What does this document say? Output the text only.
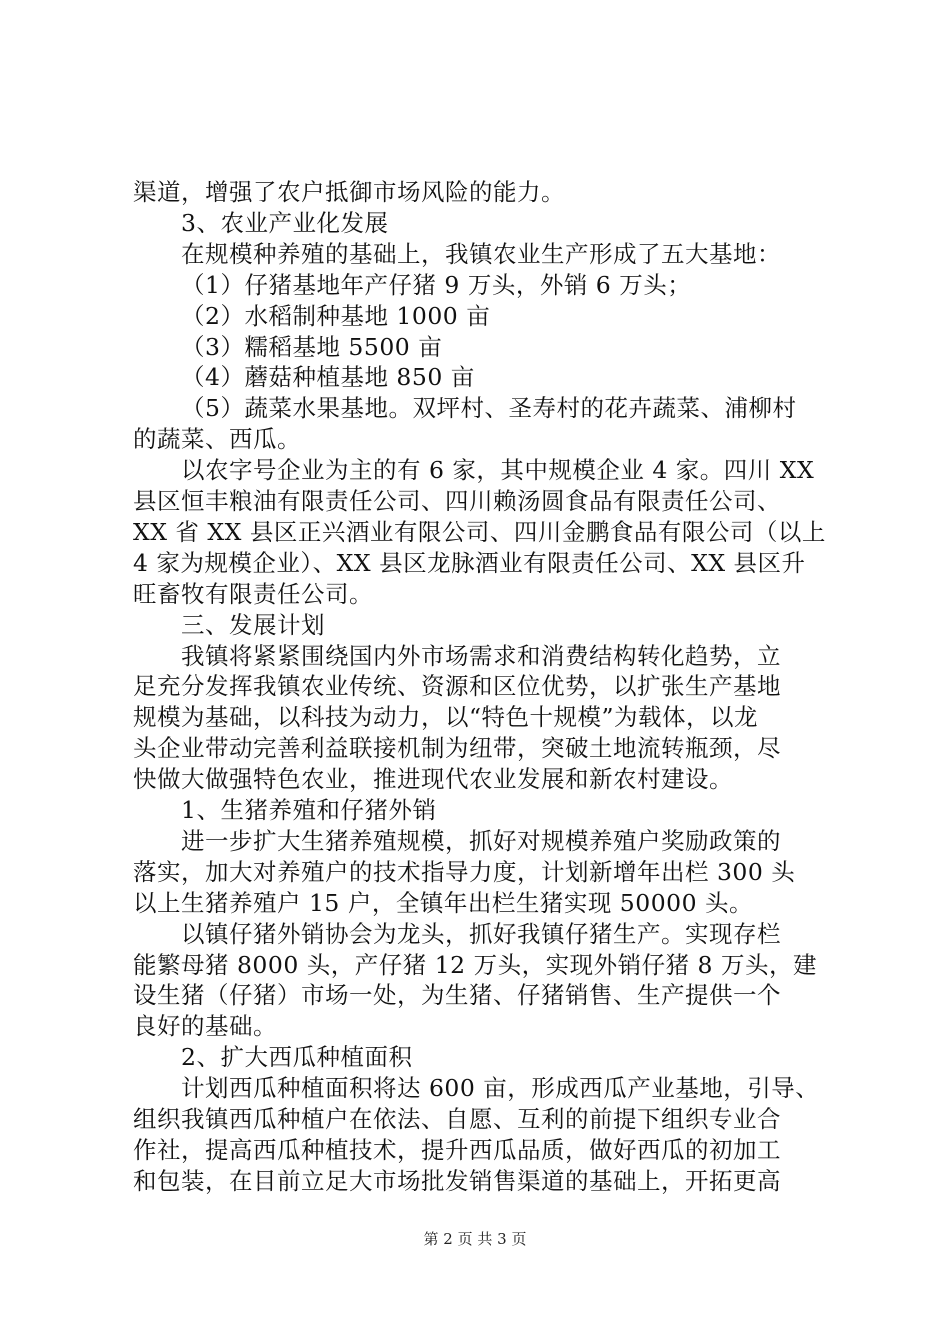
渠道，增强了农户抵御市场风险的能力。
3、农业产业化发展
在规模种养殖的基础上，我镇农业生产形成了五大基地：
（1）仔猪基地年产仔猪 9 万头，外销 6 万头；
（2）水稻制种基地 1000 亩
（3）糯稻基地 5500 亩
（4）蘑菇种植基地 850 亩
（5）蔬菜水果基地。双坪村、圣寿村的花卉蔬菜、浦柳村
的蔬菜、西瓜。
以农字号企业为主的有 6 家，其中规模企业 4 家。四川 XX
县区恒丰粮油有限责任公司、四川赖汤圆食品有限责任公司、
XX 省 XX 县区正兴酒业有限公司、四川金鹏食品有限公司（以上
4 家为规模企业）、XX 县区龙脉酒业有限责任公司、XX 县区升
旺畜牧有限责任公司。
三、发展计划
我镇将紧紧围绕国内外市场需求和消费结构转化趋势，立
足充分发挥我镇农业传统、资源和区位优势，以扩张生产基地
规模为基础，以科技为动力，以“特色十规模”为载体，以龙
头企业带动完善利益联接机制为纽带，突破土地流转瓶颈，尽
快做大做强特色农业，推进现代农业发展和新农村建设。
1、生猪养殖和仔猪外销
进一步扩大生猪养殖规模，抓好对规模养殖户奖励政策的
落实，加大对养殖户的技术指导力度，计划新增年出栏 300 头
以上生猪养殖户 15 户，全镇年出栏生猪实现 50000 头。
以镇仔猪外销协会为龙头，抓好我镇仔猪生产。实现存栏
能繁母猪 8000 头，产仔猪 12 万头，实现外销仔猪 8 万头，建
设生猪（仔猪）市场一处，为生猪、仔猪销售、生产提供一个
良好的基础。
2、扩大西瓜种植面积
计划西瓜种植面积将达 600 亩，形成西瓜产业基地，引导、
组织我镇西瓜种植户在依法、自愿、互利的前提下组织专业合
作社，提高西瓜种植技术，提升西瓜品质，做好西瓜的初加工
和包装，在目前立足大市场批发销售渠道的基础上，开拓更高
第 2 页 共 3 页
